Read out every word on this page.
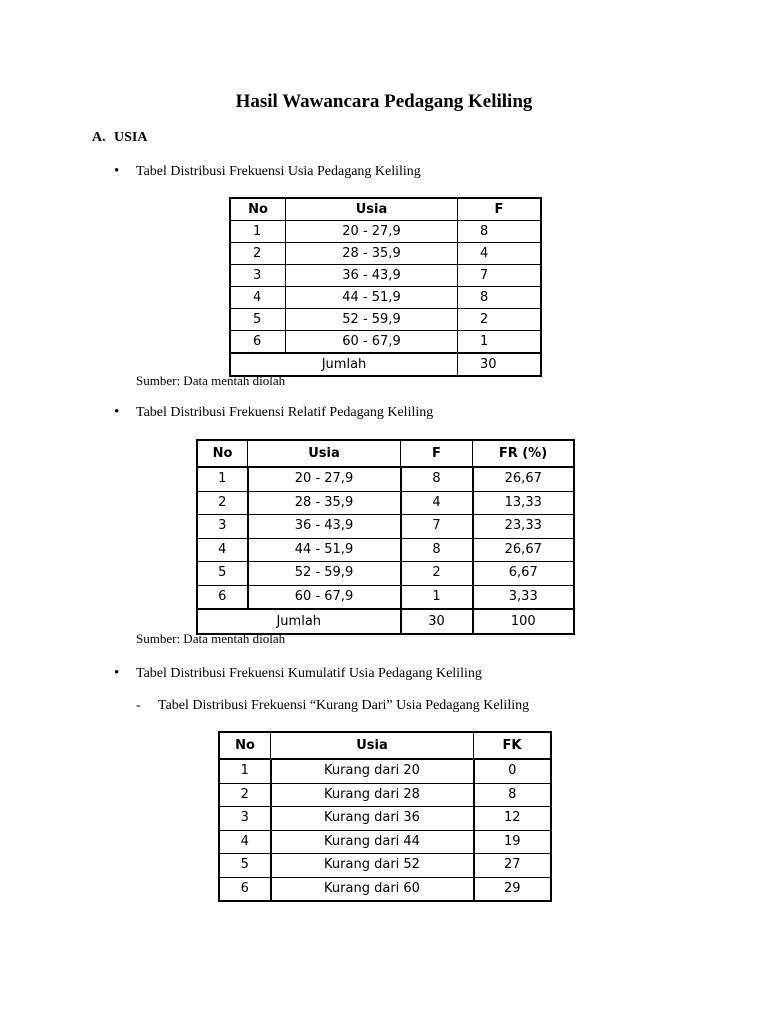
Hasil Wawancara Pedagang Keliling
A. USIA
• Tabel Distribusi Frekuensi Usia Pedagang Keliling
No	Usia	F
1	20 - 27,9	8
2	28 - 35,9	4
3	36 - 43,9	7
4	44 - 51,9	8
5	52 - 59,9	2
6	60 - 67,9	1
Jumlah		30
Sumber: Data mentah diolah
• Tabel Distribusi Frekuensi Relatif Pedagang Keliling
No	Usia	F	FR (%)
1	20 - 27,9	8	26,67
2	28 - 35,9	4	13,33
3	36 - 43,9	7	23,33
4	44 - 51,9	8	26,67
5	52 - 59,9	2	6,67
6	60 - 67,9	1	3,33
Jumlah		30	100
Sumber: Data mentah diolah
• Tabel Distribusi Frekuensi Kumulatif Usia Pedagang Keliling
- Tabel Distribusi Frekuensi “Kurang Dari” Usia Pedagang Keliling
No	Usia	FK
1	Kurang dari 20	0
2	Kurang dari 28	8
3	Kurang dari 36	12
4	Kurang dari 44	19
5	Kurang dari 52	27
6	Kurang dari 60	29
